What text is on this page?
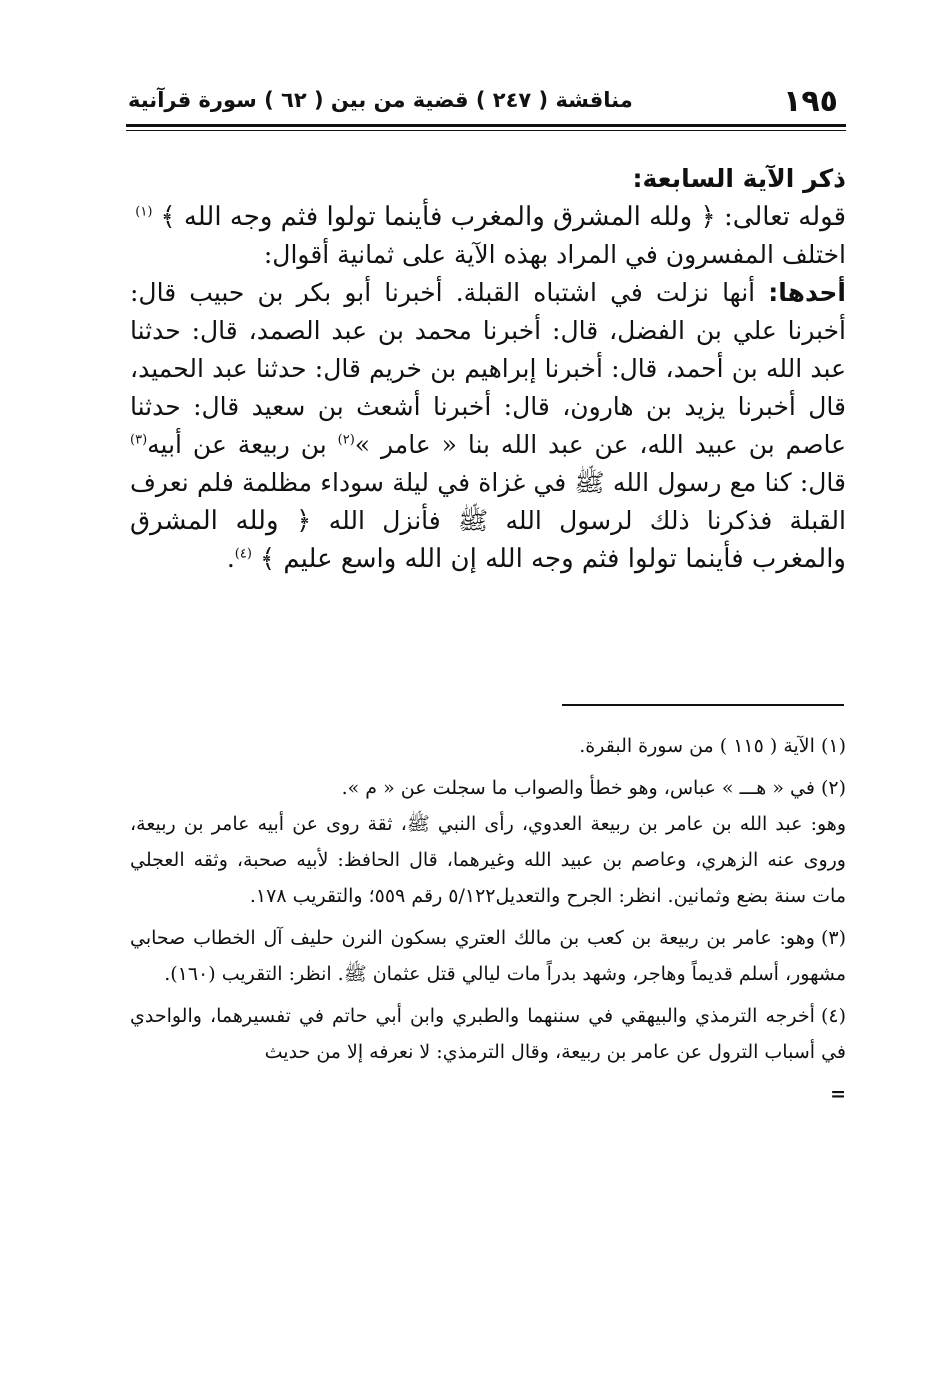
١٩٥
مناقشة ( ٢٤٧ ) قضية من بين ( ٦٢ ) سورة قرآنية

ذكر الآية السابعة:

قوله تعالى: ﴿ ولله المشرق والمغرب فأينما تولوا فثم وجه الله ﴾ $^{(١)}$

اختلف المفسرون في المراد بهذه الآية على ثمانية أقوال:

أحدها: أنها نزلت في اشتباه القبلة. أخبرنا أبو بكر بن حبيب قال: أخبرنا علي بن الفضل، قال: أخبرنا محمد بن عبد الصمد، قال: حدثنا عبد الله بن أحمد، قال: أخبرنا إبراهيم بن خريم قال: حدثنا عبد الحميد، قال أخبرنا يزيد بن هارون، قال: أخبرنا أشعث بن سعيد قال: حدثنا عاصم بن عبيد الله، عن عبد الله بنا « عامر »$^{(٢)}$ بن ربيعة عن أبيه$^{(٣)}$ قال: كنا مع رسول الله ﷺ في غزاة في ليلة سوداء مظلمة فلم نعرف القبلة فذكرنا ذلك لرسول الله ﷺ فأنزل الله ﴿ ولله المشرق والمغرب فأينما تولوا فثم وجه الله إن الله واسع عليم ﴾ $^{(٤)}$.

(١)الآية ( ١١٥ ) من سورة البقرة.

(٢)في « هـــ » عباس، وهو خطأ والصواب ما سجلت عن « م ».

وهو: عبد الله بن عامر بن ربيعة العدوي، رأى النبي ﷺ، ثقة روى عن أبيه عامر بن ربيعة، وروى عنه الزهري، وعاصم بن عبيد الله وغيرهما، قال الحافظ: لأبيه صحبة، وثقه العجلي مات سنة بضع وثمانين. انظر: الجرح والتعديل٥/١٢٢ رقم ٥٥٩؛ والتقريب ١٧٨.

(٣)وهو: عامر بن ربيعة بن كعب بن مالك العتري بسكون النرن حليف آل الخطاب صحابي مشهور، أسلم قديماً وهاجر، وشهد بدراً مات ليالي قتل عثمان ﷺ. انظر: التقريب (١٦٠).

(٤)أخرجه الترمذي والبيهقي في سننهما والطبري وابن أبي حاتم في تفسيرهما، والواحدي في أسباب الترول عن عامر بن ربيعة، وقال الترمذي: لا نعرفه إلا من حديث

=
